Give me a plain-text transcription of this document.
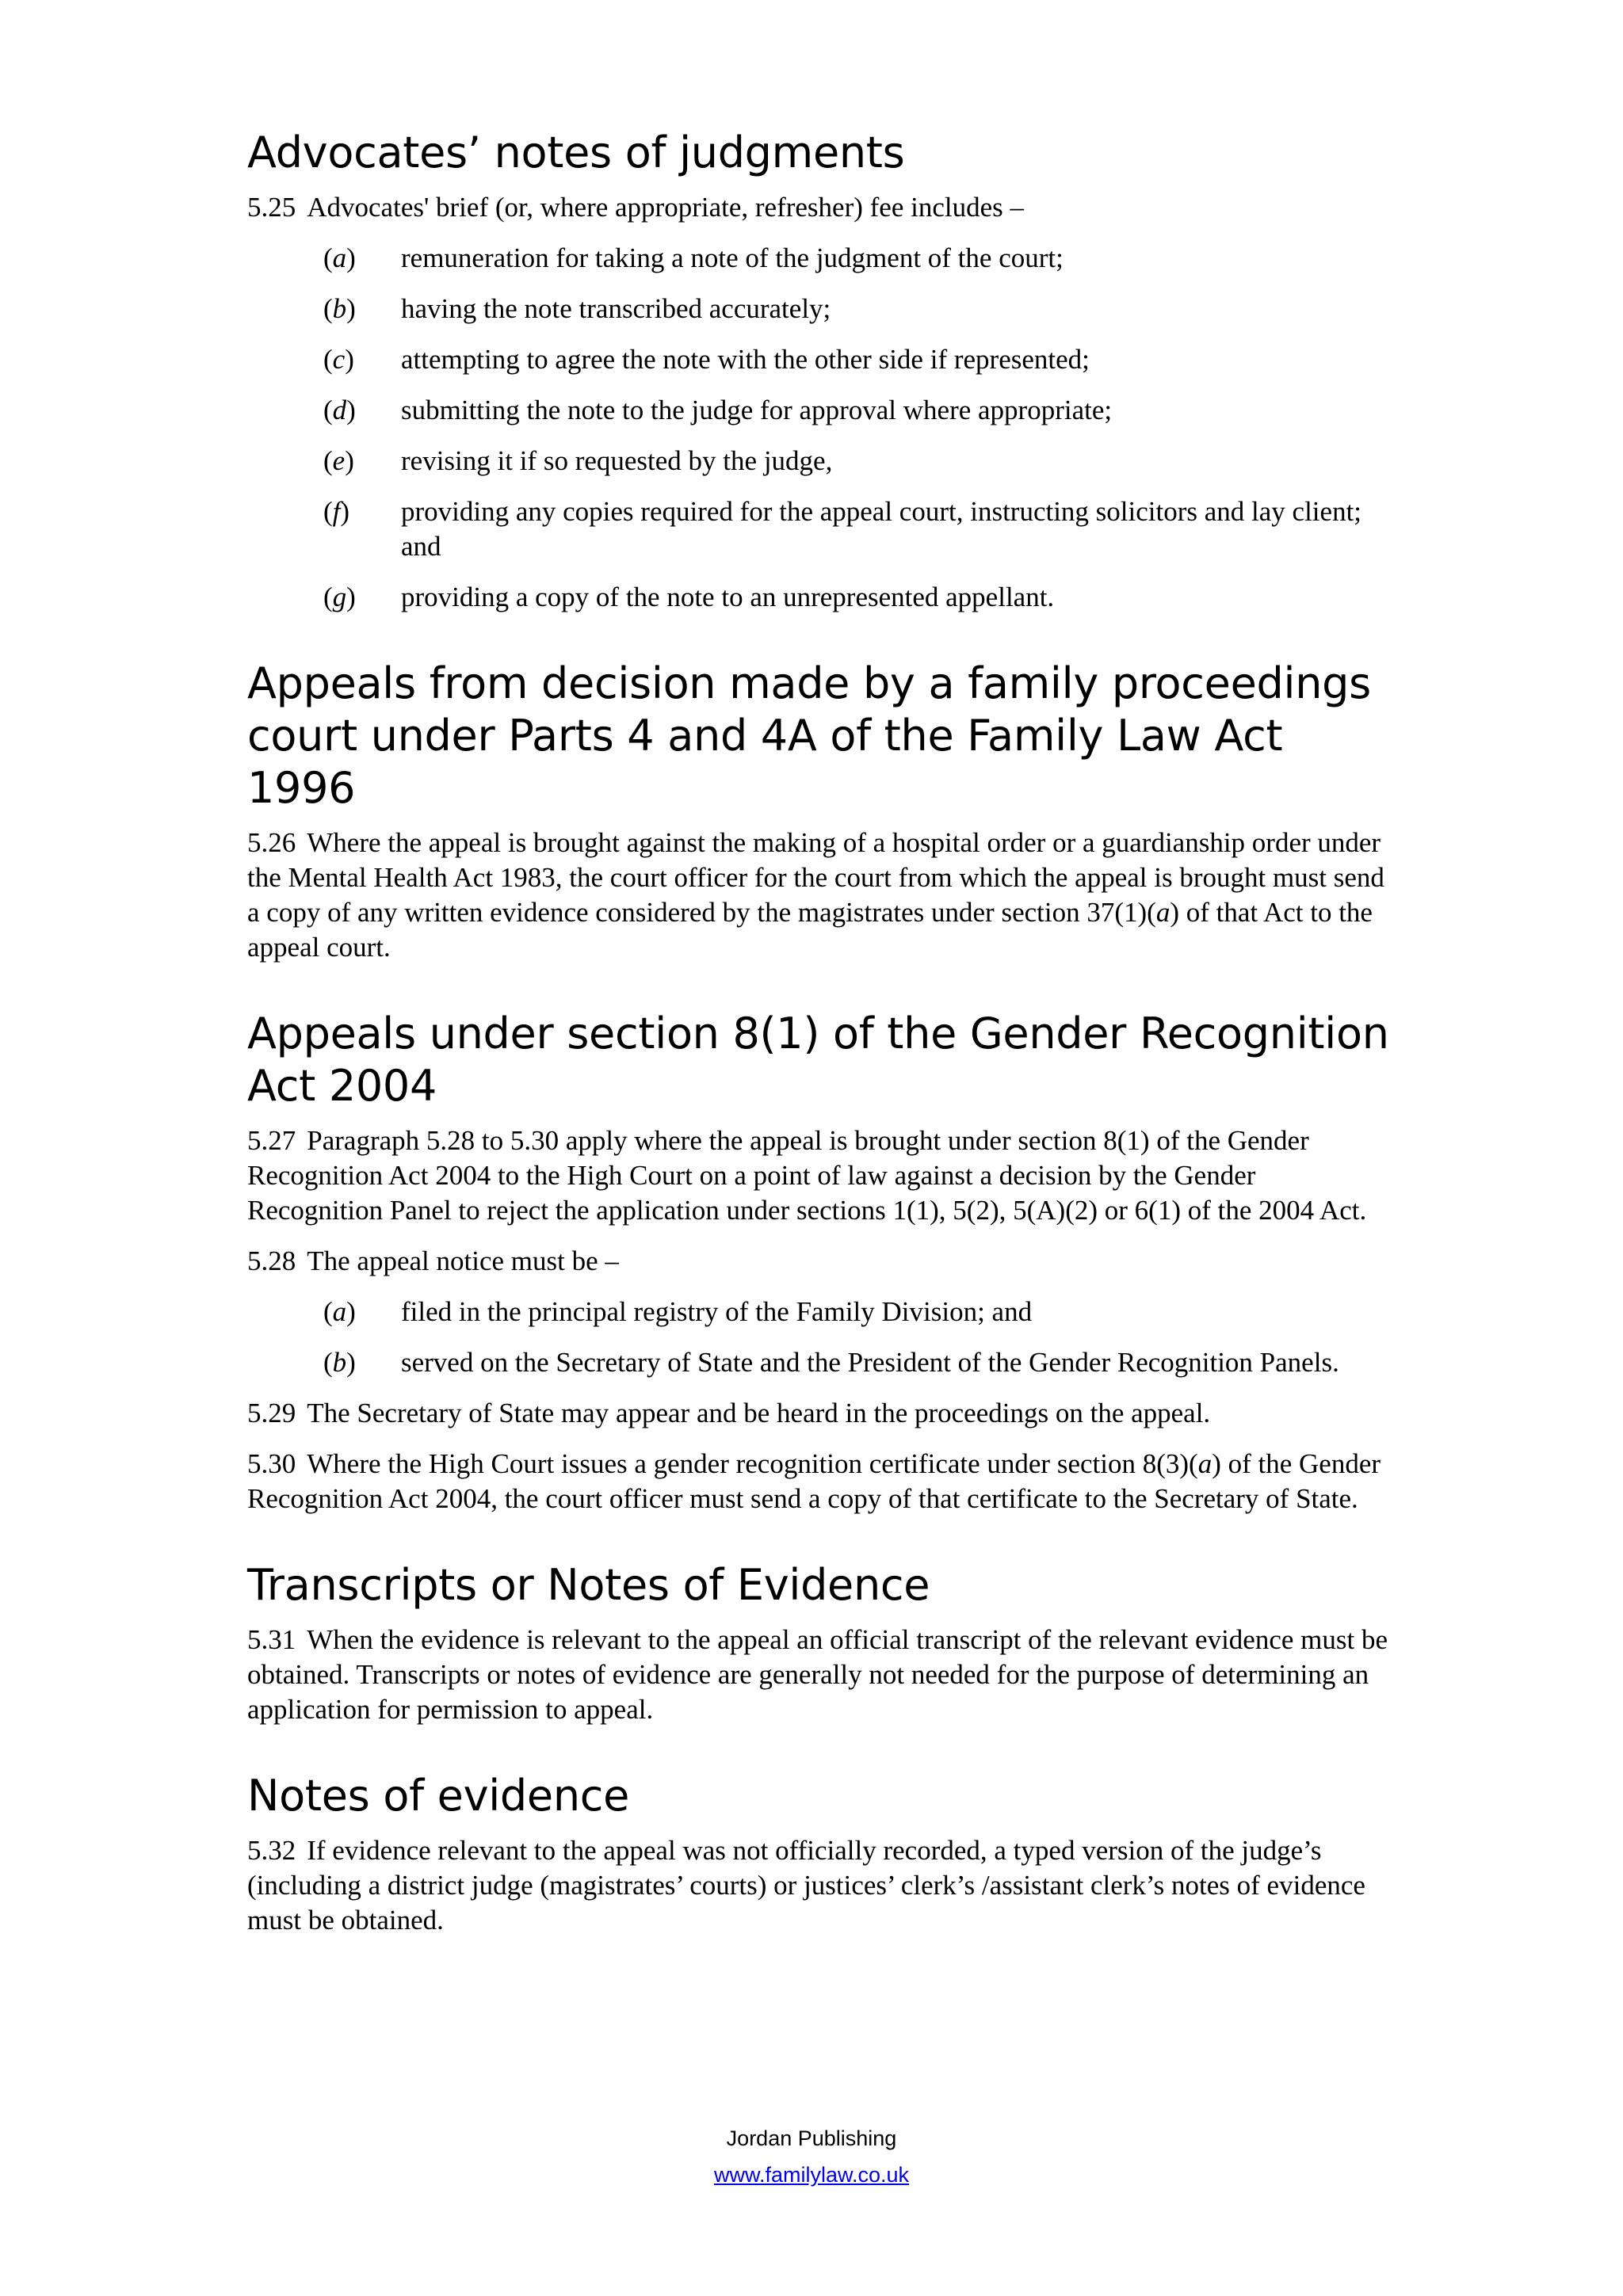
Advocates’ notes of judgments

5.25 Advocates' brief (or, where appropriate, refresher) fee includes –

(a)	remuneration for taking a note of the judgment of the court;
(b)	having the note transcribed accurately;
(c)	attempting to agree the note with the other side if represented;
(d)	submitting the note to the judge for approval where appropriate;
(e)	revising it if so requested by the judge,
(f)	providing any copies required for the appeal court, instructing solicitors and lay client; and
(g)	providing a copy of the note to an unrepresented appellant.
Appeals from decision made by a family proceedings court under Parts 4 and 4A of the Family Law Act 1996

5.26 Where the appeal is brought against the making of a hospital order or a guardianship order under the Mental Health Act 1983, the court officer for the court from which the appeal is brought must send a copy of any written evidence considered by the magistrates under section 37(1)(a) of that Act to the appeal court.

Appeals under section 8(1) of the Gender Recognition Act 2004

5.27 Paragraph 5.28 to 5.30 apply where the appeal is brought under section 8(1) of the Gender Recognition Act 2004 to the High Court on a point of law against a decision by the Gender Recognition Panel to reject the application under sections 1(1), 5(2), 5(A)(2) or 6(1) of the 2004 Act.

5.28 The appeal notice must be –

(a)	filed in the principal registry of the Family Division; and
(b)	served on the Secretary of State and the President of the Gender Recognition Panels.

5.29 The Secretary of State may appear and be heard in the proceedings on the appeal.

5.30 Where the High Court issues a gender recognition certificate under section 8(3)(a) of the Gender Recognition Act 2004, the court officer must send a copy of that certificate to the Secretary of State.

Transcripts or Notes of Evidence

5.31 When the evidence is relevant to the appeal an official transcript of the relevant evidence must be obtained. Transcripts or notes of evidence are generally not needed for the purpose of determining an application for permission to appeal.

Notes of evidence

5.32 If evidence relevant to the appeal was not officially recorded, a typed version of the judge’s (including a district judge (magistrates’ courts) or justices’ clerk’s /assistant clerk’s notes of evidence must be obtained.

Jordan Publishing
www.familylaw.co.uk
